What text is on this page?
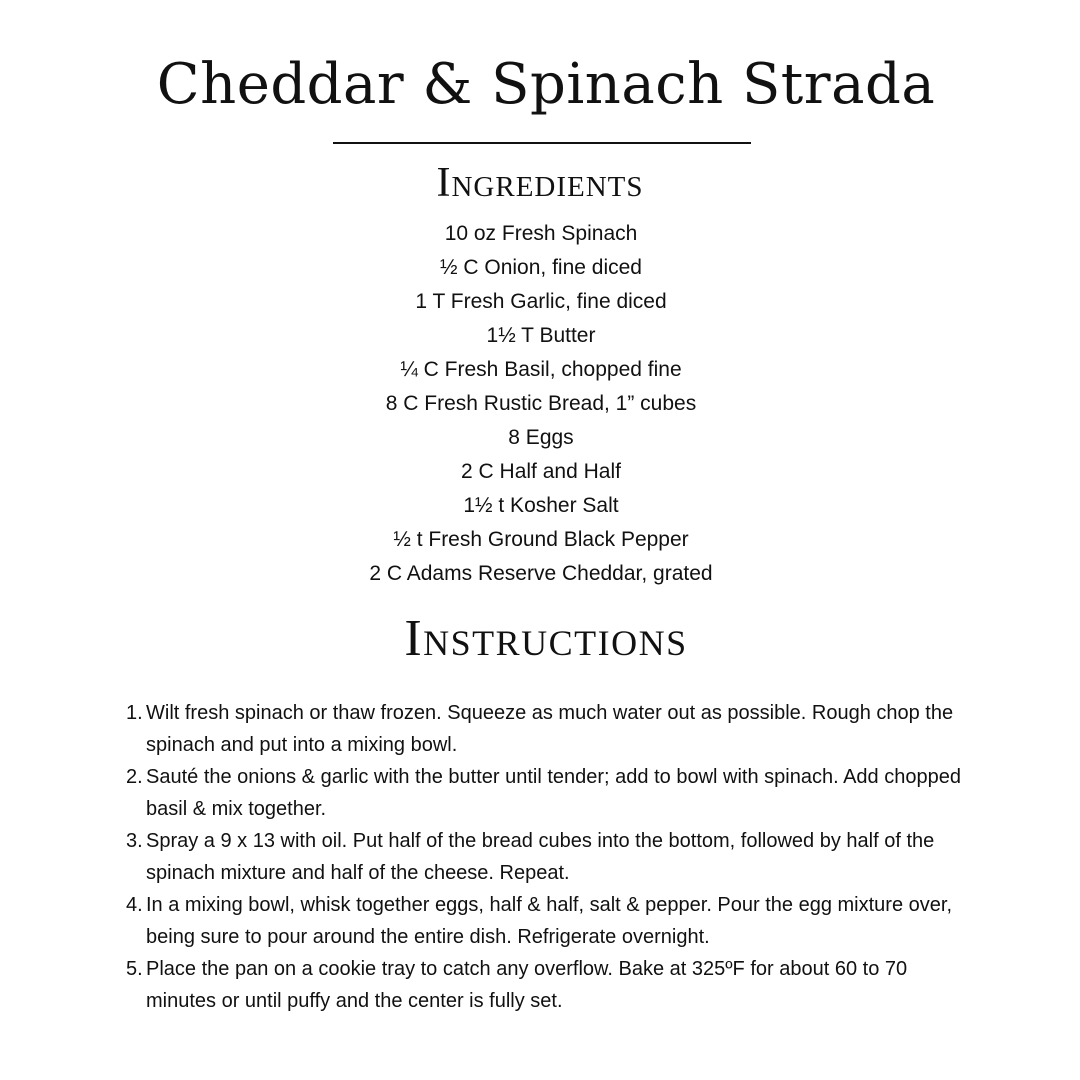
Cheddar & Spinach Strada
Ingredients
10 oz Fresh Spinach
½ C Onion, fine diced
1 T Fresh Garlic, fine diced
1½ T Butter
¼ C Fresh Basil, chopped fine
8 C Fresh Rustic Bread, 1” cubes
8 Eggs
2 C Half and Half
1½ t Kosher Salt
½ t Fresh Ground Black Pepper
2 C Adams Reserve Cheddar, grated
Instructions
1. Wilt fresh spinach or thaw frozen. Squeeze as much water out as possible. Rough chop the spinach and put into a mixing bowl.
2. Sauté the onions & garlic with the butter until tender; add to bowl with spinach. Add chopped basil & mix together.
3. Spray a 9 x 13 with oil. Put half of the bread cubes into the bottom, followed by half of the spinach mixture and half of the cheese. Repeat.
4. In a mixing bowl, whisk together eggs, half & half, salt & pepper. Pour the egg mixture over, being sure to pour around the entire dish. Refrigerate overnight.
5. Place the pan on a cookie tray to catch any overflow. Bake at 325ºF for about 60 to 70 minutes or until puffy and the center is fully set.
